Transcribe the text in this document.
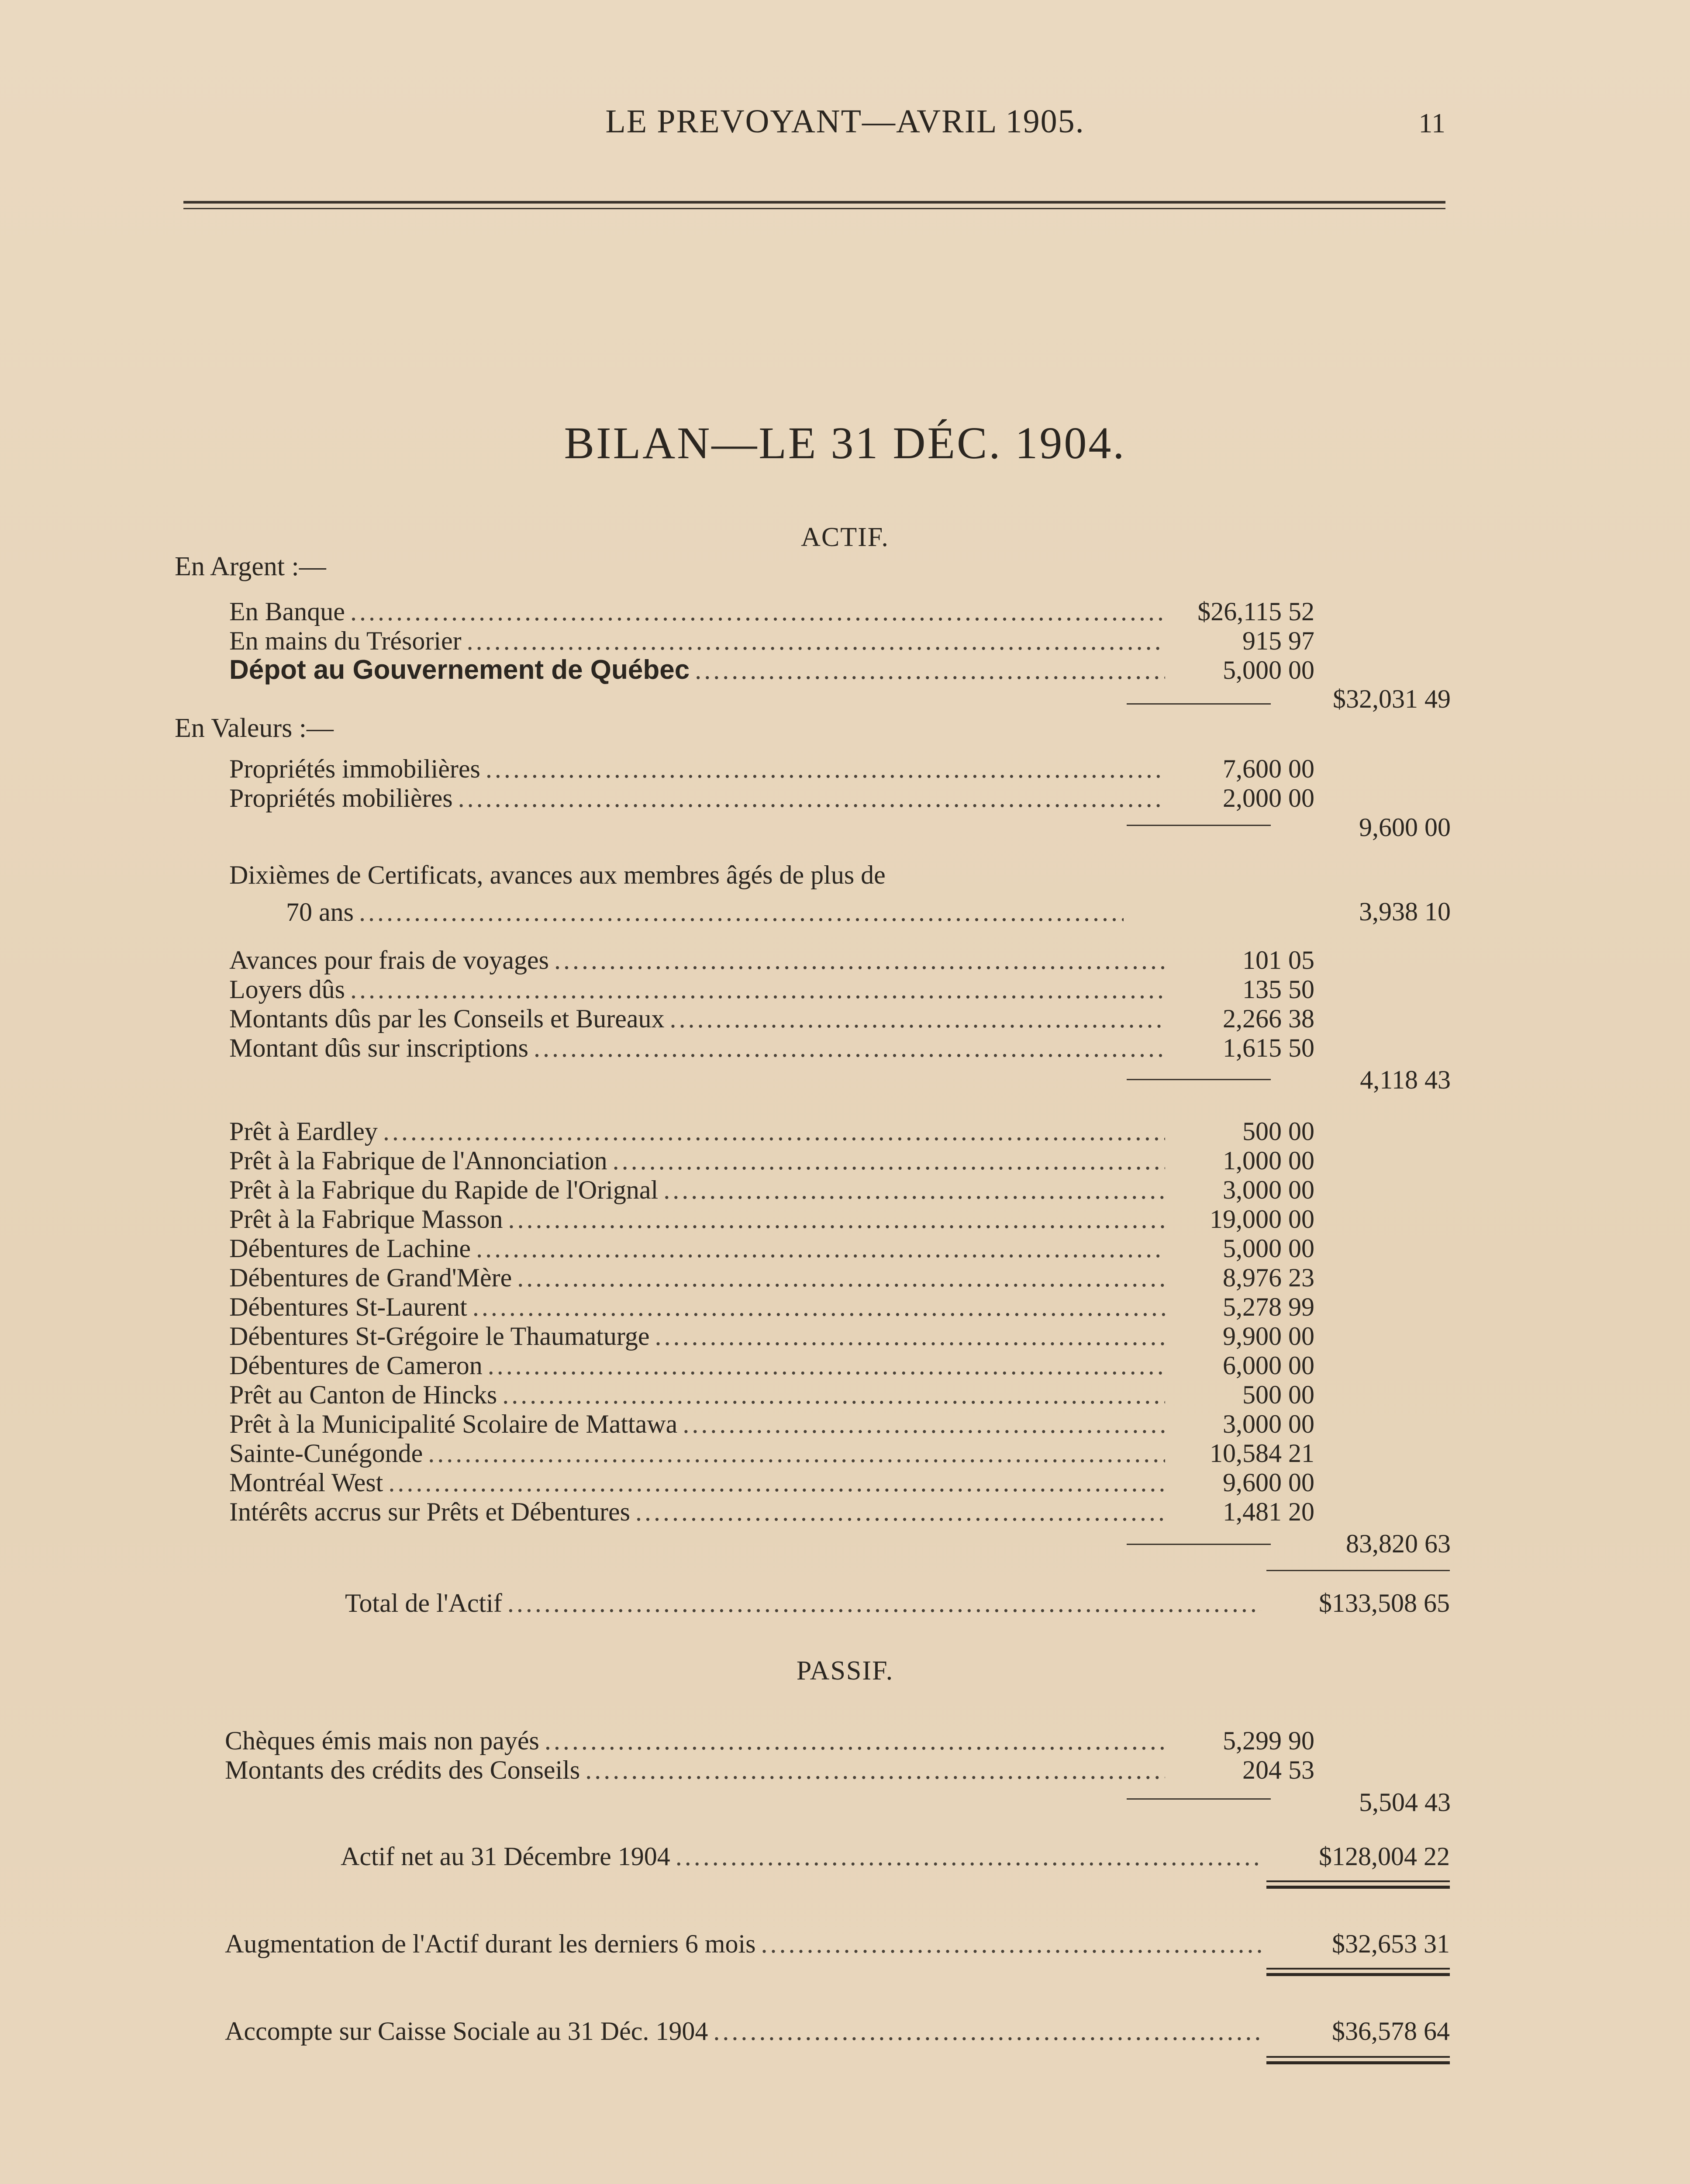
LE PREVOYANT—AVRIL 1905.	11
BILAN—LE 31 DÉC. 1904.
ACTIF.
En Argent :—
En Banque .....	$26,115 52
En mains du Trésorier .....	915 97
Dépot au Gouvernement de Québec .....	5,000 00
$32,031 49
En Valeurs :—
Propriétés immobilières .....	7,600 00
Propriétés mobilières .....	2,000 00
9,600 00
Dixièmes de Certificats, avances aux membres âgés de plus de
70 ans .....	3,938 10
Avances pour frais de voyages .....	101 05
Loyers dûs .....	135 50
Montants dûs par les Conseils et Bureaux .....	2,266 38
Montant dûs sur inscriptions .....	1,615 50
4,118 43
Prêt à Eardley .....	500 00
Prêt à la Fabrique de l'Annonciation .....	1,000 00
Prêt à la Fabrique du Rapide de l'Orignal .....	3,000 00
Prêt à la Fabrique Masson .....	19,000 00
Débentures de Lachine .....	5,000 00
Débentures de Grand'Mère .....	8,976 23
Débentures St-Laurent .....	5,278 99
Débentures St-Grégoire le Thaumaturge .....	9,900 00
Débentures de Cameron .....	6,000 00
Prêt au Canton de Hincks .....	500 00
Prêt à la Municipalité Scolaire de Mattawa .....	3,000 00
Sainte-Cunégonde .....	10,584 21
Montréal West .....	9,600 00
Intérêts accrus sur Prêts et Débentures .....	1,481 20
83,820 63
Total de l'Actif .....	$133,508 65
PASSIF.
Chèques émis mais non payés .....	5,299 90
Montants des crédits des Conseils .....	204 53
5,504 43
Actif net au 31 Décembre 1904 .....	$128,004 22
Augmentation de l'Actif durant les derniers 6 mois .....	$32,653 31
Accompte sur Caisse Sociale au 31 Déc. 1904 .....	$36,578 64
